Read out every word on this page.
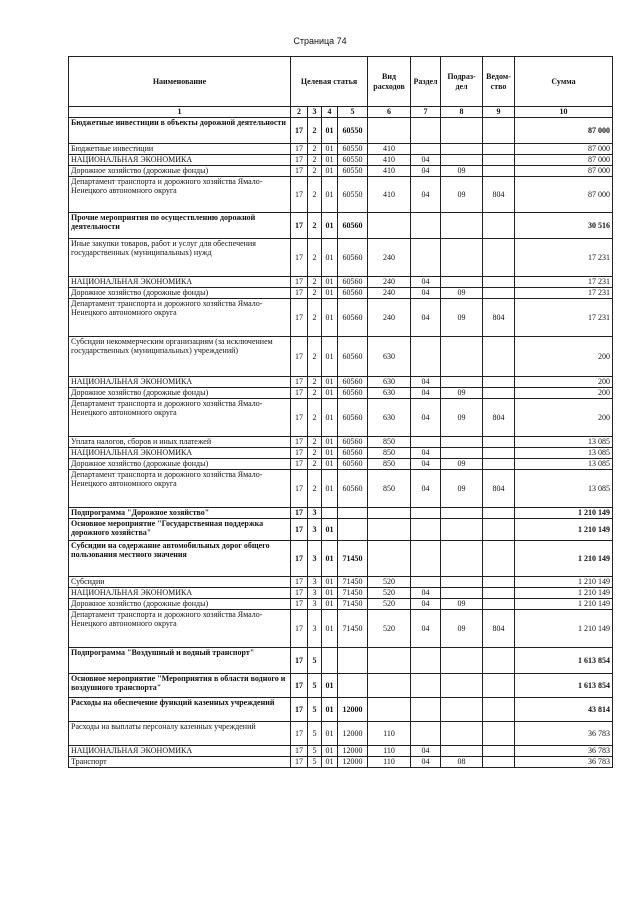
Страница 74
Наименование	Целевая статья				Вид расходов	Раздел	Подраз-дел	Ведом-ство	Сумма
1	2	3	4	5	6	7	8	9	10
Бюджетные инвестиции в объекты дорожной деятельности	17	2	01	60550					87 000
Бюджетные инвестиции	17	2	01	60550	410				87 000
НАЦИОНАЛЬНАЯ ЭКОНОМИКА	17	2	01	60550	410	04			87 000
Дорожное хозяйство (дорожные фонды)	17	2	01	60550	410	04	09		87 000
Департамент транспорта и дорожного хозяйства Ямало-Ненецкого автономного округа	17	2	01	60550	410	04	09	804	87 000
Прочие мероприятия по осуществлению дорожной деятельности	17	2	01	60560					30 516
Иные закупки товаров, работ и услуг для обеспечения государственных (муниципальных) нужд	17	2	01	60560	240				17 231
НАЦИОНАЛЬНАЯ ЭКОНОМИКА	17	2	01	60560	240	04			17 231
Дорожное хозяйство (дорожные фонды)	17	2	01	60560	240	04	09		17 231
Департамент транспорта и дорожного хозяйства Ямало-Ненецкого автономного округа	17	2	01	60560	240	04	09	804	17 231
Субсидии некоммерческим организациям (за исключением государственных (муниципальных) учреждений)	17	2	01	60560	630				200
НАЦИОНАЛЬНАЯ ЭКОНОМИКА	17	2	01	60560	630	04			200
Дорожное хозяйство (дорожные фонды)	17	2	01	60560	630	04	09		200
Департамент транспорта и дорожного хозяйства Ямало-Ненецкого автономного округа	17	2	01	60560	630	04	09	804	200
Уплата налогов, сборов и иных платежей	17	2	01	60560	850				13 085
НАЦИОНАЛЬНАЯ ЭКОНОМИКА	17	2	01	60560	850	04			13 085
Дорожное хозяйство (дорожные фонды)	17	2	01	60560	850	04	09		13 085
Департамент транспорта и дорожного хозяйства Ямало-Ненецкого автономного округа	17	2	01	60560	850	04	09	804	13 085
Подпрограмма "Дорожное хозяйство"	17	3							1 210 149
Основное мероприятие "Государственная поддержка дорожного хозяйства"	17	3	01						1 210 149
Субсидии на содержание автомобильных дорог общего пользования местного значения	17	3	01	71450					1 210 149
Субсидии	17	3	01	71450	520				1 210 149
НАЦИОНАЛЬНАЯ ЭКОНОМИКА	17	3	01	71450	520	04			1 210 149
Дорожное хозяйство (дорожные фонды)	17	3	01	71450	520	04	09		1 210 149
Департамент транспорта и дорожного хозяйства Ямало-Ненецкого автономного округа	17	3	01	71450	520	04	09	804	1 210 149
Подпрограмма "Воздушный и водный транспорт"	17	5							1 613 854
Основное мероприятие "Мероприятия в области водного и воздушного транспорта"	17	5	01						1 613 854
Расходы на обеспечение функций казенных учреждений	17	5	01	12000					43 814
Расходы на выплаты персоналу казенных учреждений	17	5	01	12000	110				36 783
НАЦИОНАЛЬНАЯ ЭКОНОМИКА	17	5	01	12000	110	04			36 783
Транспорт	17	5	01	12000	110	04	08		36 783
